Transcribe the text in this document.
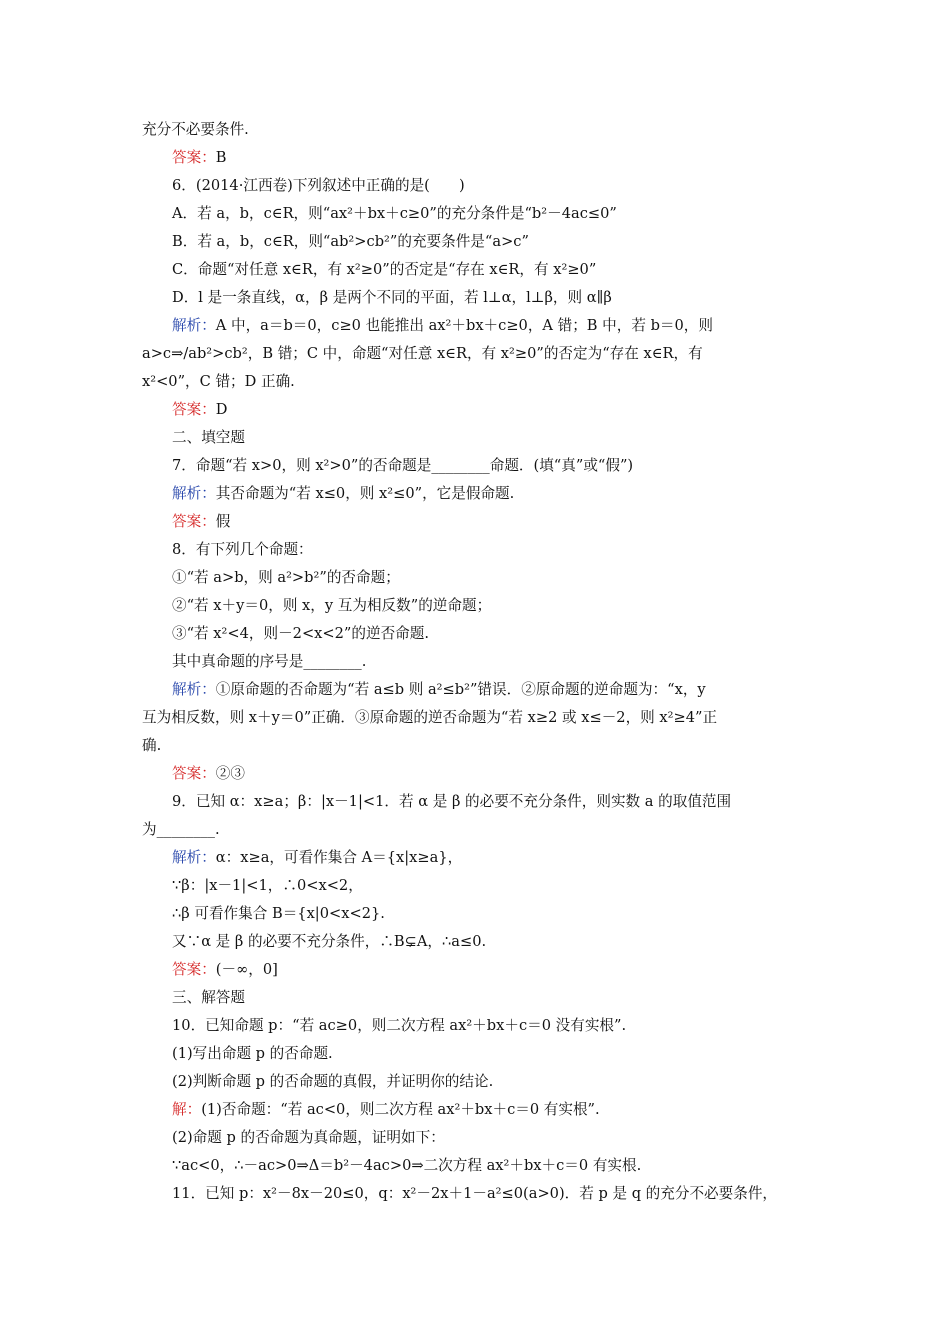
充分不必要条件.
答案：B
6．(2014·江西卷)下列叙述中正确的是(　　)
A．若 a，b，c∈R，则“ax²＋bx＋c≥0”的充分条件是“b²－4ac≤0”
B．若 a，b，c∈R，则“ab²>cb²”的充要条件是“a>c”
C．命题“对任意 x∈R，有 x²≥0”的否定是“存在 x∈R，有 x²≥0”
D．l 是一条直线，α，β 是两个不同的平面，若 l⊥α，l⊥β，则 α∥β
解析：A 中，a＝b＝0，c≥0 也能推出 ax²＋bx＋c≥0，A 错；B 中，若 b＝0，则
a>c⇒/ab²>cb²，B 错；C 中，命题“对任意 x∈R，有 x²≥0”的否定为“存在 x∈R，有
x²<0”，C 错；D 正确.
答案：D
二、填空题
7．命题“若 x>0，则 x²>0”的否命题是________命题．(填“真”或“假”)
解析：其否命题为“若 x≤0，则 x²≤0”，它是假命题.
答案：假
8．有下列几个命题：
①“若 a>b，则 a²>b²”的否命题；
②“若 x＋y＝0，则 x，y 互为相反数”的逆命题；
③“若 x²<4，则－2<x<2”的逆否命题.
其中真命题的序号是________.
解析：①原命题的否命题为“若 a≤b 则 a²≤b²”错误．②原命题的逆命题为：“x，y
互为相反数，则 x＋y＝0”正确．③原命题的逆否命题为“若 x≥2 或 x≤－2，则 x²≥4”正
确.
答案：②③
9．已知 α：x≥a；β：|x－1|<1．若 α 是 β 的必要不充分条件，则实数 a 的取值范围
为________.
解析：α：x≥a，可看作集合 A＝{x|x≥a}，
∵β：|x－1|<1，∴0<x<2，
∴β 可看作集合 B＝{x|0<x<2}.
又∵α 是 β 的必要不充分条件，∴B⊊A，∴a≤0.
答案：(－∞，0]
三、解答题
10．已知命题 p：“若 ac≥0，则二次方程 ax²＋bx＋c＝0 没有实根”.
(1)写出命题 p 的否命题.
(2)判断命题 p 的否命题的真假，并证明你的结论.
解：(1)否命题：“若 ac<0，则二次方程 ax²＋bx＋c＝0 有实根”.
(2)命题 p 的否命题为真命题，证明如下：
∵ac<0，∴－ac>0⇒Δ＝b²－4ac>0⇒二次方程 ax²＋bx＋c＝0 有实根.
11．已知 p：x²－8x－20≤0，q：x²－2x＋1－a²≤0(a>0)．若 p 是 q 的充分不必要条件，
